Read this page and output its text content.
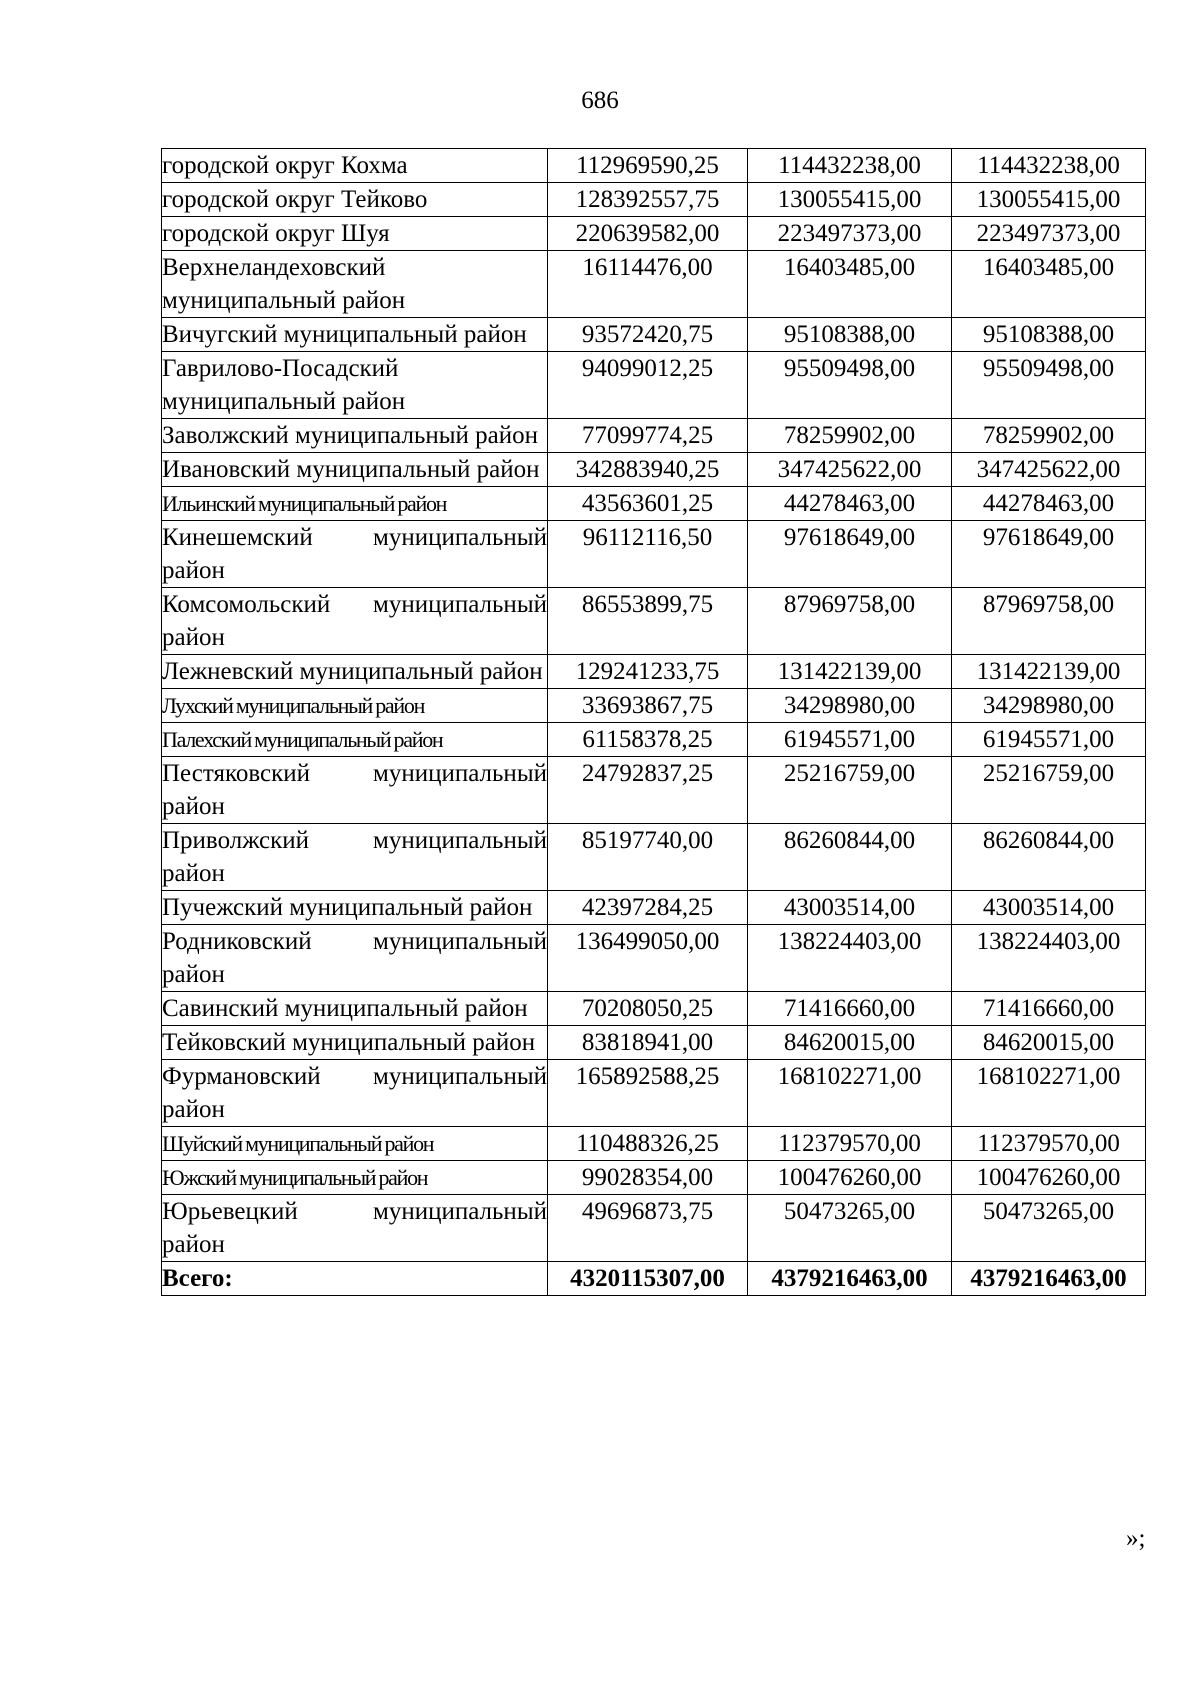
686
городской округ Кохма	112969590,25	114432238,00	114432238,00
городской округ Тейково	128392557,75	130055415,00	130055415,00
городской округ Шуя	220639582,00	223497373,00	223497373,00
Верхнеландеховский муниципальный район	16114476,00	16403485,00	16403485,00
Вичугский муниципальный район	93572420,75	95108388,00	95108388,00
Гаврилово-Посадский муниципальный район	94099012,25	95509498,00	95509498,00
Заволжский муниципальный район	77099774,25	78259902,00	78259902,00
Ивановский муниципальный район	342883940,25	347425622,00	347425622,00
Ильинский муниципальный район	43563601,25	44278463,00	44278463,00
Кинешемский муниципальный район	96112116,50	97618649,00	97618649,00
Комсомольский муниципальный район	86553899,75	87969758,00	87969758,00
Лежневский муниципальный район	129241233,75	131422139,00	131422139,00
Лухский муниципальный район	33693867,75	34298980,00	34298980,00
Палехский муниципальный район	61158378,25	61945571,00	61945571,00
Пестяковский муниципальный район	24792837,25	25216759,00	25216759,00
Приволжский муниципальный район	85197740,00	86260844,00	86260844,00
Пучежский муниципальный район	42397284,25	43003514,00	43003514,00
Родниковский муниципальный район	136499050,00	138224403,00	138224403,00
Савинский муниципальный район	70208050,25	71416660,00	71416660,00
Тейковский муниципальный район	83818941,00	84620015,00	84620015,00
Фурмановский муниципальный район	165892588,25	168102271,00	168102271,00
Шуйский муниципальный район	110488326,25	112379570,00	112379570,00
Южский муниципальный район	99028354,00	100476260,00	100476260,00
Юрьевецкий муниципальный район	49696873,75	50473265,00	50473265,00
Всего:	4320115307,00	4379216463,00	4379216463,00
»;
